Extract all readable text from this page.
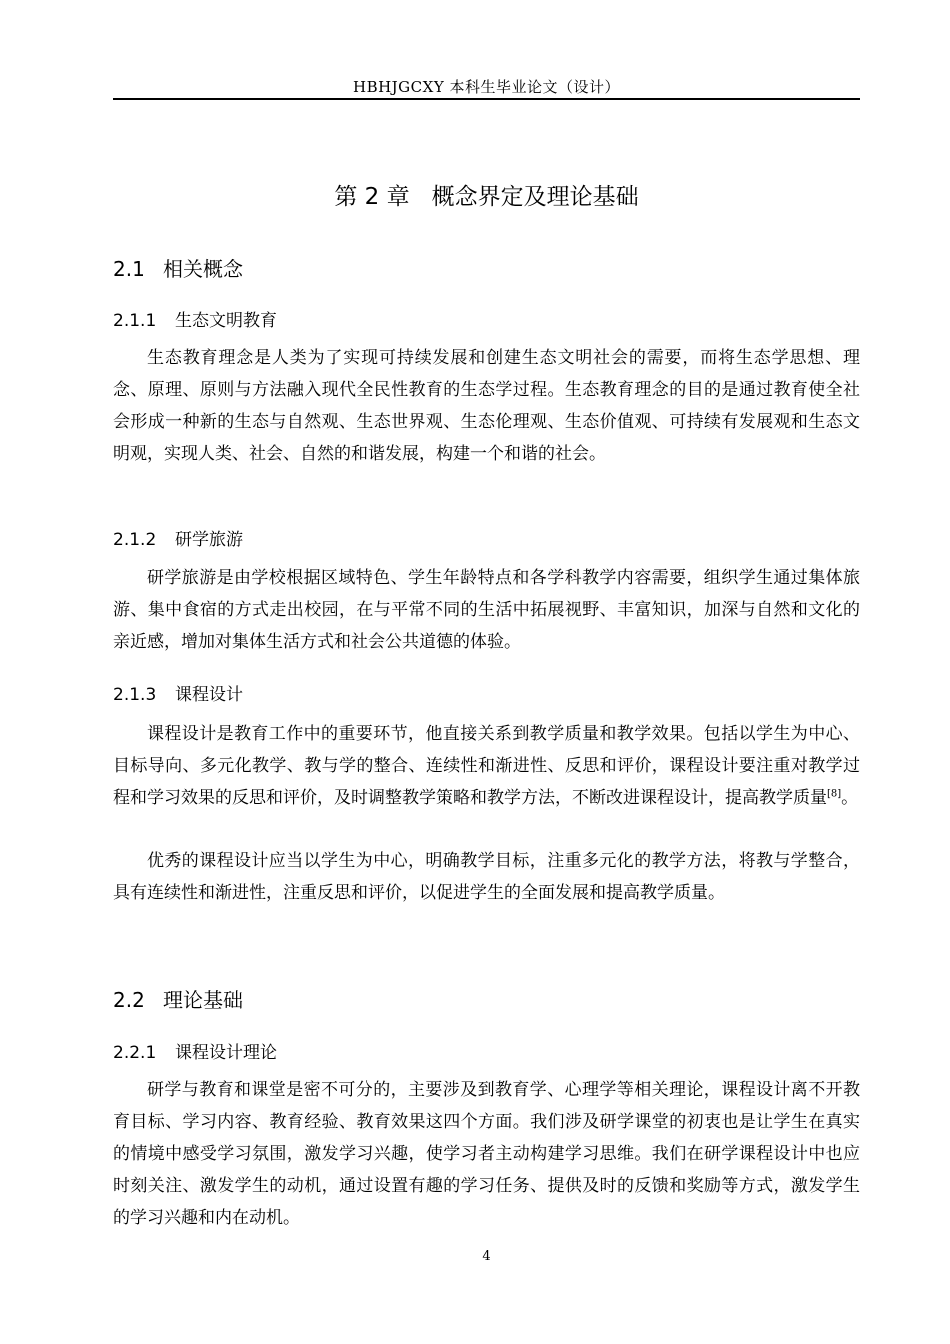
HBHJGCXY 本科生毕业论文（设计）
第 2 章 概念界定及理论基础
2.1 相关概念
2.1.1 生态文明教育

生态教育理念是人类为了实现可持续发展和创建生态文明社会的需要，而将生态学思想、理念、原理、原则与方法融入现代全民性教育的生态学过程。生态教育理念的目的是通过教育使全社会形成一种新的生态与自然观、生态世界观、生态伦理观、生态价值观、可持续有发展观和生态文明观，实现人类、社会、自然的和谐发展，构建一个和谐的社会。

2.1.2 研学旅游

研学旅游是由学校根据区域特色、学生年龄特点和各学科教学内容需要，组织学生通过集体旅游、集中食宿的方式走出校园，在与平常不同的生活中拓展视野、丰富知识，加深与自然和文化的亲近感，增加对集体生活方式和社会公共道德的体验。

2.1.3 课程设计

课程设计是教育工作中的重要环节，他直接关系到教学质量和教学效果。包括以学生为中心、目标导向、多元化教学、教与学的整合、连续性和渐进性、反思和评价，课程设计要注重对教学过程和学习效果的反思和评价，及时调整教学策略和教学方法，不断改进课程设计，提高教学质量[8]。

优秀的课程设计应当以学生为中心，明确教学目标，注重多元化的教学方法，将教与学整合，具有连续性和渐进性，注重反思和评价，以促进学生的全面发展和提高教学质量。

2.2 理论基础
2.2.1 课程设计理论

研学与教育和课堂是密不可分的，主要涉及到教育学、心理学等相关理论，课程设计离不开教育目标、学习内容、教育经验、教育效果这四个方面。我们涉及研学课堂的初衷也是让学生在真实的情境中感受学习氛围，激发学习兴趣，使学习者主动构建学习思维。我们在研学课程设计中也应时刻关注、激发学生的动机，通过设置有趣的学习任务、提供及时的反馈和奖励等方式，激发学生的学习兴趣和内在动机。

4
